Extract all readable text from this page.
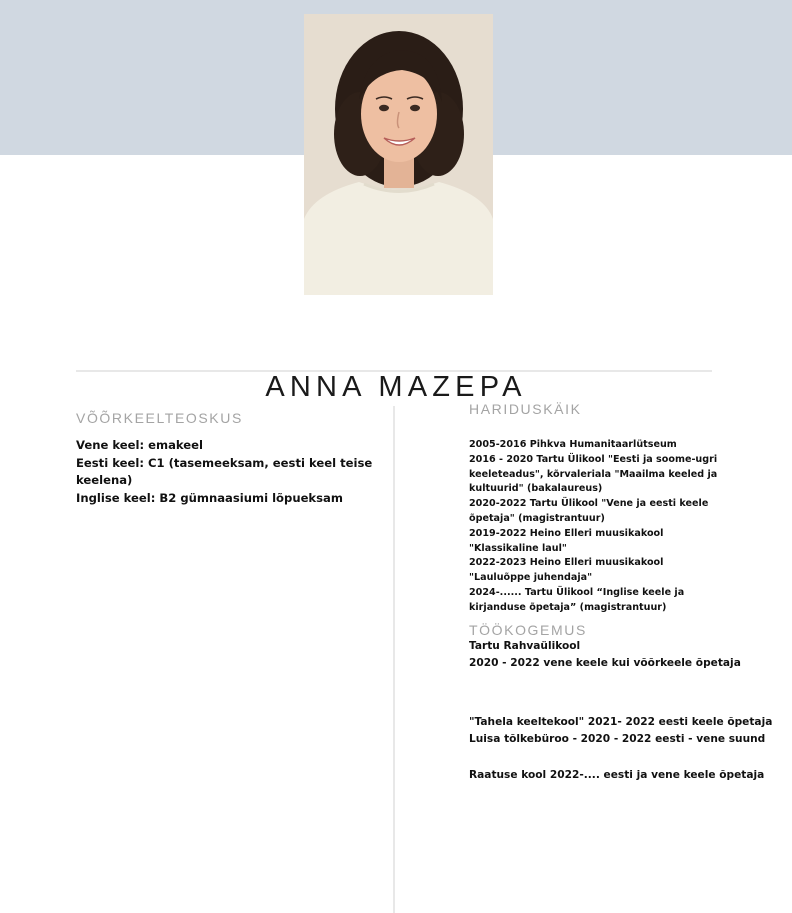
ANNA MAZEPA
VÕÕRKEELTEOSKUS
Vene keel: emakeel
Eesti keel: C1 (tasemeeksam, eesti keel teise keelena)
Inglise keel: B2 gümnaasiumi lõpueksam
HARIDUSKÄIK
2005-2016 Pihkva Humanitaarlütseum
2016 - 2020 Tartu Ülikool "Eesti ja soome-ugri
keeleteadus", kõrvaleriala "Maailma keeled ja
kultuurid" (bakalaureus)
2020-2022 Tartu Ülikool "Vene ja eesti keele
õpetaja" (magistrantuur)
2019-2022 Heino Elleri muusikakool
"Klassikaline laul"
2022-2023 Heino Elleri muusikakool
"Lauluõppe juhendaja"
2024-...... Tartu Ülikool “Inglise keele ja
kirjanduse õpetaja” (magistrantuur)
TÖÖKOGEMUS
Tartu Rahvaülikool
2020 - 2022 vene keele kui võõrkeele õpetaja
"Tahela keeltekool" 2021- 2022 eesti keele õpetaja
Luisa tõlkebüroo - 2020 - 2022 eesti - vene suund
Raatuse kool 2022-.... eesti ja vene keele õpetaja
